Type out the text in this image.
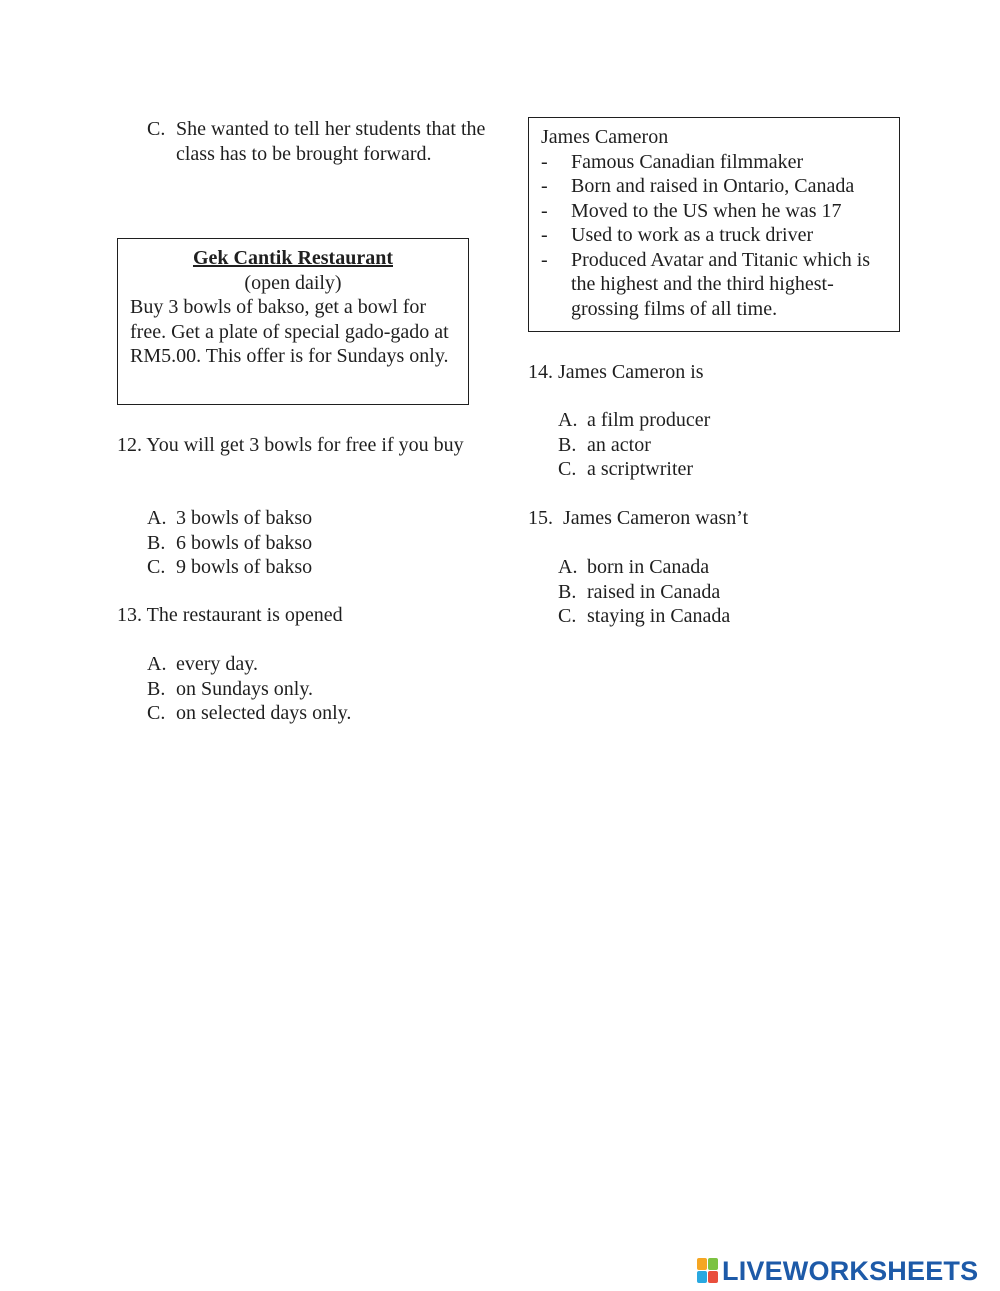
C. She wanted to tell her students that the class has to be brought forward.
Gek Cantik Restaurant
(open daily)
Buy 3 bowls of bakso, get a bowl for free. Get a plate of special gado-gado at RM5.00. This offer is for Sundays only.
12. You will get 3 bowls for free if you buy
A. 3 bowls of bakso
B. 6 bowls of bakso
C. 9 bowls of bakso
13. The restaurant is opened
A. every day.
B. on Sundays only.
C. on selected days only.
James Cameron
- Famous Canadian filmmaker
- Born and raised in Ontario, Canada
- Moved to the US when he was 17
- Used to work as a truck driver
- Produced Avatar and Titanic which is the highest and the third highest-grossing films of all time.
14. James Cameron is
A. a film producer
B. an actor
C. a scriptwriter
15.  James Cameron wasn’t
A. born in Canada
B. raised in Canada
C. staying in Canada
LIVEWORKSHEETS
